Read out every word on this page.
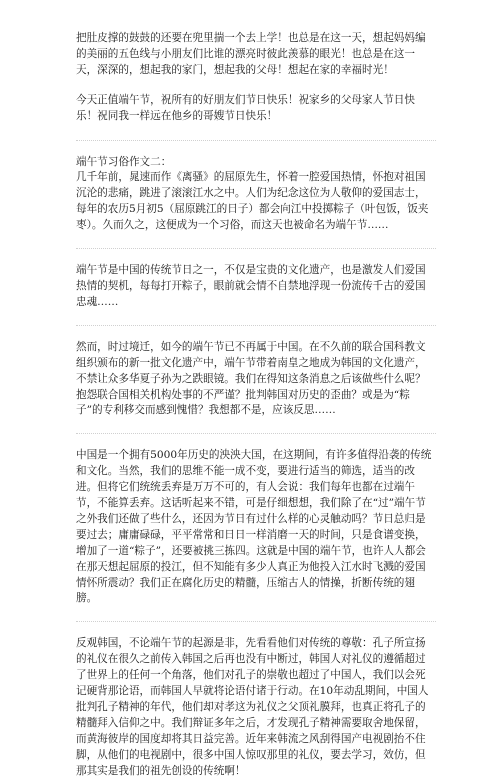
把肚皮撑的鼓鼓的还要在兜里揣一个去上学！也总是在这一天，想起妈妈编的美丽的五色线与小朋友们比谁的漂亮时彼此羡慕的眼光！也总是在这一天，深深的，想起我的家门，想起我的父母！想起在家的幸福时光！

今天正值端午节，祝所有的好朋友们节日快乐！祝家乡的父母家人节日快乐！祝同我一样远在他乡的哥嫂节日快乐！

端午节习俗作文二：

几千年前，晁速而作《离骚》的屈原先生，怀着一腔爱国热情，怀抱对祖国沉沦的悲痛，跳进了滚滚江水之中。人们为纪念这位为人敬仰的爱国志士，每年的农历5月初5（屈原跳江的日子）都会向江中投掷粽子（叶包饭，饭夹枣）。久而久之，这便成为一个习俗，而这天也被命名为端午节……

端午节是中国的传统节日之一，不仅是宝贵的文化遗产，也是激发人们爱国热情的契机，每每打开粽子，眼前就会情不自禁地浮现一份流传千古的爱国忠魂……

然而，时过境迁，如今的端午节已不再属于中国。在不久前的联合国科教文组织颁布的新一批文化遗产中，端午节带着南皇之地成为韩国的文化遗产，不禁让众多华夏子孙为之跌眼镜。我们在得知这条消息之后该做些什么呢？抱怨联合国相关机构处事的不严谨？批判韩国对历史的歪曲？或是为“粽子”的专利移交而感到愧惜？我想都不是，应该反思……

中国是一个拥有5000年历史的泱泱大国，在这期间，有许多值得沿袭的传统和文化。当然，我们的思维不能一成不变，要进行适当的筛选，适当的改进。但将它们统统丢弃是万万不可的，有人会说：我们每年也都在过端午节，不能算丢弃。这话听起来不错，可是仔细想想，我们除了在“过”端午节之外我们还做了些什么，还因为节日有过什么样的心灵触动吗？节日总归是要过去；庸庸碌碌，平平常常和日日一样消磨一天的时间，只是食谱变换，增加了一道“粽子”，还要被挑三拣四。这就是中国的端午节，也许人人都会在那天想起屈原的投江，但不知能有多少人真正为他投入江水时飞溅的爱国情怀所震动？我们正在腐化历史的精髓，压缩古人的情操，折断传统的翅膀。

反观韩国，不论端午节的起源是非，先看看他们对传统的尊敬：孔子所宣扬的礼仪在很久之前传入韩国之后再也没有中断过，韩国人对礼仪的遵循超过了世界上的任何一个角落，他们对孔子的崇敬也超过了中国人，我们以会死记硬背那论语，而韩国人早就将论语付诸于行动。在10年动乱期间，中国人批判孔子精神的年代，他们却对孝这为礼仪之父顶礼膜拜，也真正将孔子的精髓拜入信仰之中。我们辩证多年之后，才发现孔子精神需要取舍地保留，而黄海彼岸的国度却将其日益完善。近年来韩流之风刮得国产电视剧抬不住脚，从他们的电视剧中，很多中国人惊叹那里的礼仪，要去学习，效仿，但那其实是我们的祖先创设的传统啊！
